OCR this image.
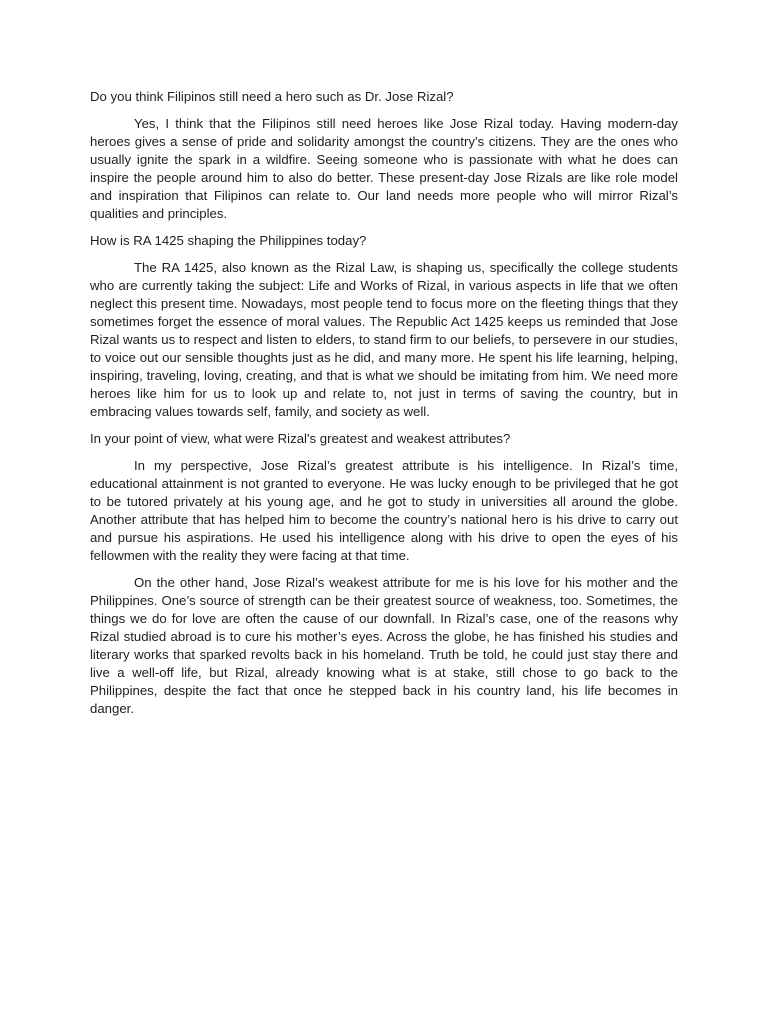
Do you think Filipinos still need a hero such as Dr. Jose Rizal?

Yes, I think that the Filipinos still need heroes like Jose Rizal today. Having modern-day heroes gives a sense of pride and solidarity amongst the country’s citizens. They are the ones who usually ignite the spark in a wildfire. Seeing someone who is passionate with what he does can inspire the people around him to also do better. These present-day Jose Rizals are like role model and inspiration that Filipinos can relate to. Our land needs more people who will mirror Rizal’s qualities and principles.

How is RA 1425 shaping the Philippines today?

The RA 1425, also known as the Rizal Law, is shaping us, specifically the college students who are currently taking the subject: Life and Works of Rizal, in various aspects in life that we often neglect this present time. Nowadays, most people tend to focus more on the fleeting things that they sometimes forget the essence of moral values. The Republic Act 1425 keeps us reminded that Jose Rizal wants us to respect and listen to elders, to stand firm to our beliefs, to persevere in our studies, to voice out our sensible thoughts just as he did, and many more. He spent his life learning, helping, inspiring, traveling, loving, creating, and that is what we should be imitating from him. We need more heroes like him for us to look up and relate to, not just in terms of saving the country, but in embracing values towards self, family, and society as well.

In your point of view, what were Rizal's greatest and weakest attributes?

In my perspective, Jose Rizal’s greatest attribute is his intelligence. In Rizal’s time, educational attainment is not granted to everyone. He was lucky enough to be privileged that he got to be tutored privately at his young age, and he got to study in universities all around the globe. Another attribute that has helped him to become the country’s national hero is his drive to carry out and pursue his aspirations. He used his intelligence along with his drive to open the eyes of his fellowmen with the reality they were facing at that time.

On the other hand, Jose Rizal’s weakest attribute for me is his love for his mother and the Philippines. One’s source of strength can be their greatest source of weakness, too. Sometimes, the things we do for love are often the cause of our downfall. In Rizal’s case, one of the reasons why Rizal studied abroad is to cure his mother’s eyes. Across the globe, he has finished his studies and literary works that sparked revolts back in his homeland. Truth be told, he could just stay there and live a well-off life, but Rizal, already knowing what is at stake, still chose to go back to the Philippines, despite the fact that once he stepped back in his country land, his life becomes in danger.
